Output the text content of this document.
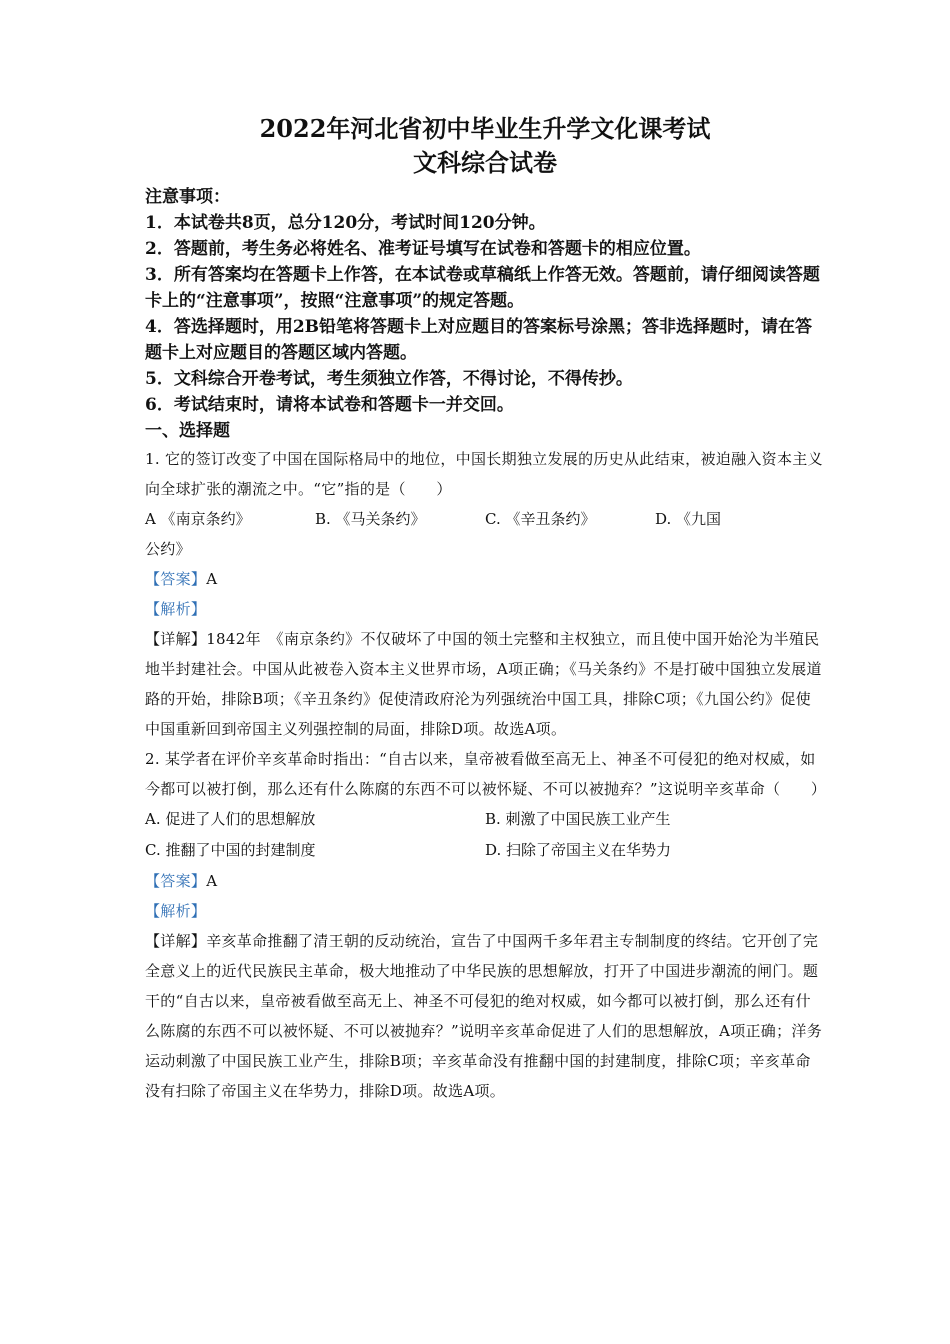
2022年河北省初中毕业生升学文化课考试
文科综合试卷
注意事项：
1．本试卷共8页，总分120分，考试时间120分钟。
2．答题前，考生务必将姓名、准考证号填写在试卷和答题卡的相应位置。
3．所有答案均在答题卡上作答，在本试卷或草稿纸上作答无效。答题前，请仔细阅读答题卡上的“注意事项”，按照“注意事项”的规定答题。
4．答选择题时，用2B铅笔将答题卡上对应题目的答案标号涂黑；答非选择题时，请在答题卡上对应题目的答题区域内答题。
5．文科综合开卷考试，考生须独立作答，不得讨论，不得传抄。
6．考试结束时，请将本试卷和答题卡一并交回。
一、选择题

1. 它的签订改变了中国在国际格局中的地位，中国长期独立发展的历史从此结束，被迫融入资本主义向全球扩张的潮流之中。“它”指的是（　　）

A 《南京条约》	B. 《马关条约》	C. 《辛丑条约》	D. 《九国

公约》

【答案】A

【解析】

【详解】1842年　《南京条约》不仅破坏了中国的领土完整和主权独立，而且使中国开始沦为半殖民地半封建社会。中国从此被卷入资本主义世界市场，A项正确；《马关条约》不是打破中国独立发展道路的开始，排除B项；《辛丑条约》促使清政府沦为列强统治中国工具，排除C项；《九国公约》促使中国重新回到帝国主义列强控制的局面，排除D项。故选A项。

2. 某学者在评价辛亥革命时指出：“自古以来，皇帝被看做至高无上、神圣不可侵犯的绝对权威，如今都可以被打倒，那么还有什么陈腐的东西不可以被怀疑、不可以被抛弃？”这说明辛亥革命（　　）

A. 促进了人们的思想解放	B. 刺激了中国民族工业产生
C. 推翻了中国的封建制度	D. 扫除了帝国主义在华势力

【答案】A

【解析】

【详解】辛亥革命推翻了清王朝的反动统治，宣告了中国两千多年君主专制制度的终结。它开创了完全意义上的近代民族民主革命，极大地推动了中华民族的思想解放，打开了中国进步潮流的闸门。题干的“自古以来，皇帝被看做至高无上、神圣不可侵犯的绝对权威，如今都可以被打倒，那么还有什么陈腐的东西不可以被怀疑、不可以被抛弃？”说明辛亥革命促进了人们的思想解放，A项正确；洋务运动刺激了中国民族工业产生，排除B项；辛亥革命没有推翻中国的封建制度，排除C项；辛亥革命没有扫除了帝国主义在华势力，排除D项。故选A项。
